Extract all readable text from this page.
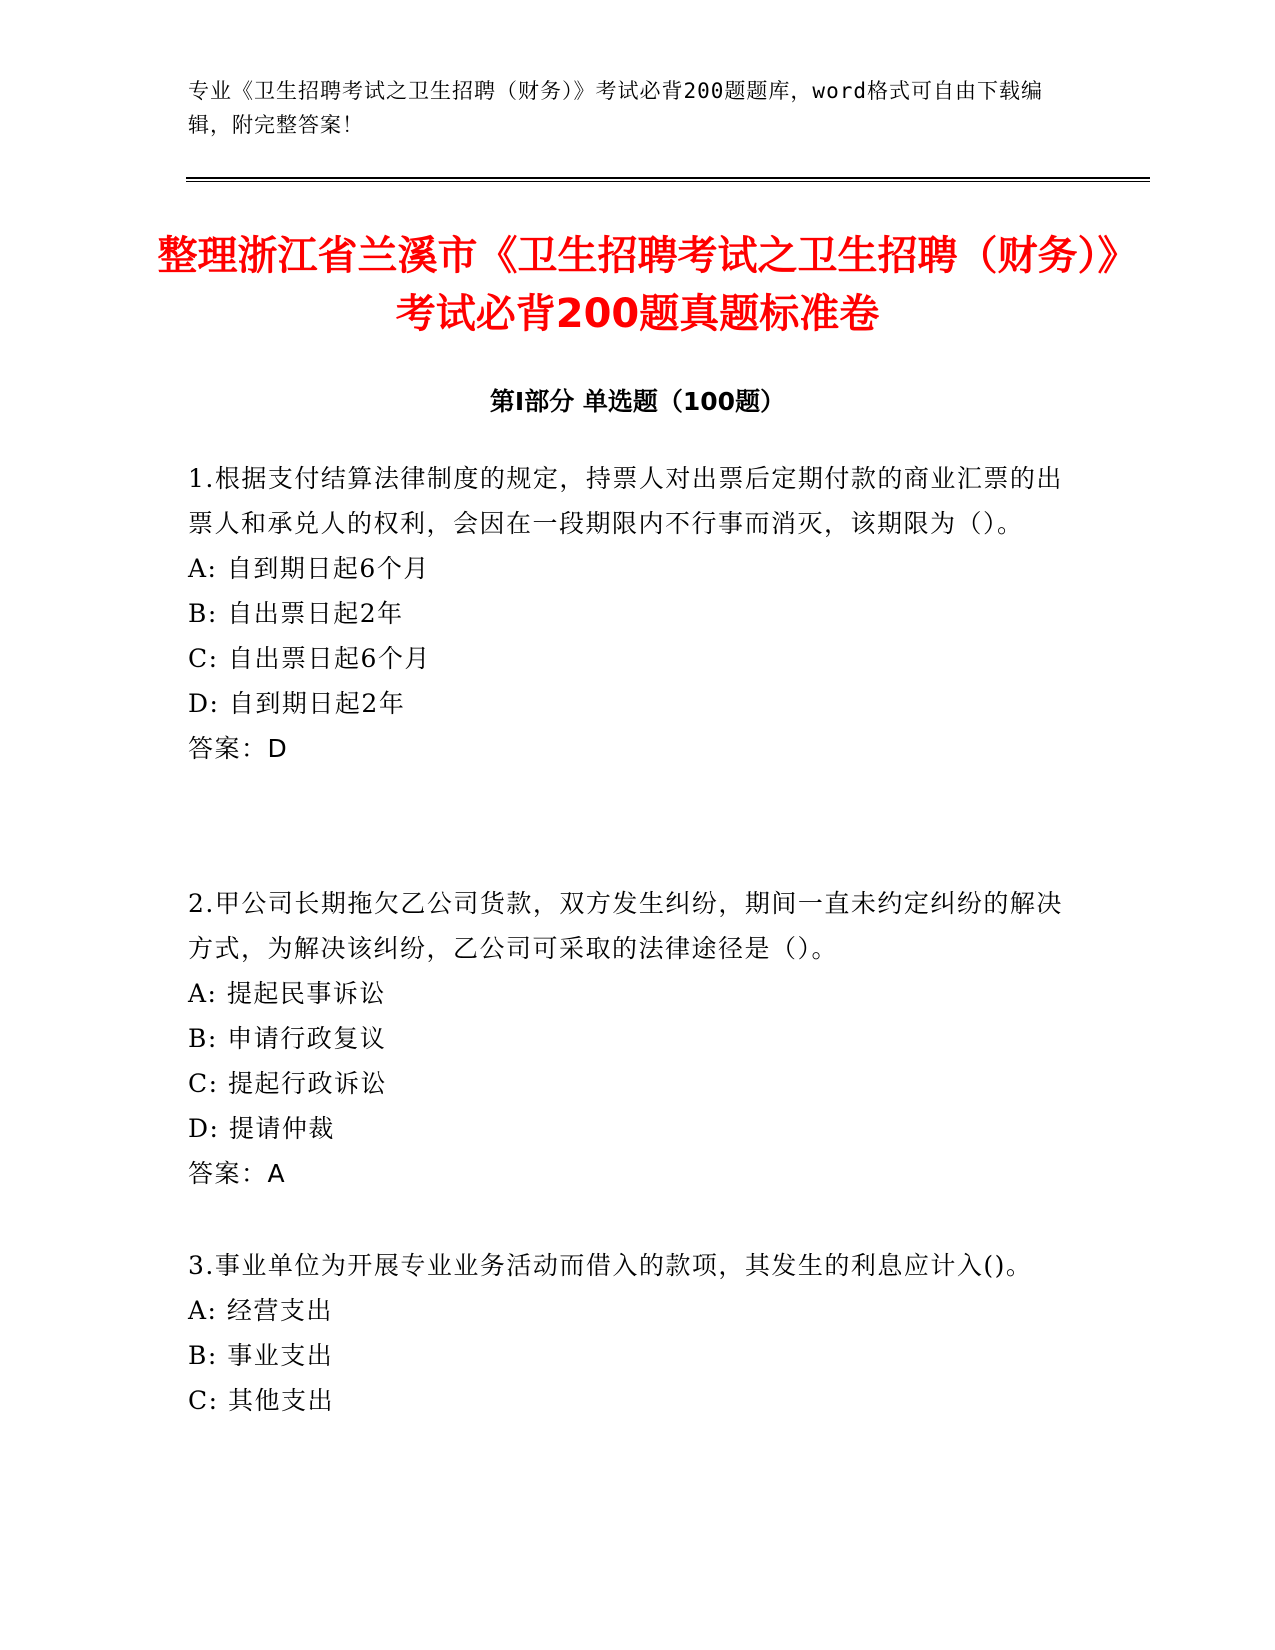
专业《卫生招聘考试之卫生招聘（财务）》考试必背200题题库，word格式可自由下载编辑，附完整答案！
整理浙江省兰溪市《卫生招聘考试之卫生招聘（财务）》考试必背200题真题标准卷
第Ⅰ部分 单选题（100题）

1.根据支付结算法律制度的规定，持票人对出票后定期付款的商业汇票的出票人和承兑人的权利，会因在一段期限内不行事而消灭，该期限为（）。

A: 自到期日起6个月

B: 自出票日起2年

C: 自出票日起6个月

D: 自到期日起2年

答案：D

2.甲公司长期拖欠乙公司货款，双方发生纠纷，期间一直未约定纠纷的解决方式，为解决该纠纷，乙公司可采取的法律途径是（）。

A: 提起民事诉讼

B: 申请行政复议

C: 提起行政诉讼

D: 提请仲裁

答案：A

3.事业单位为开展专业业务活动而借入的款项，其发生的利息应计入()。

A: 经营支出

B: 事业支出

C: 其他支出
